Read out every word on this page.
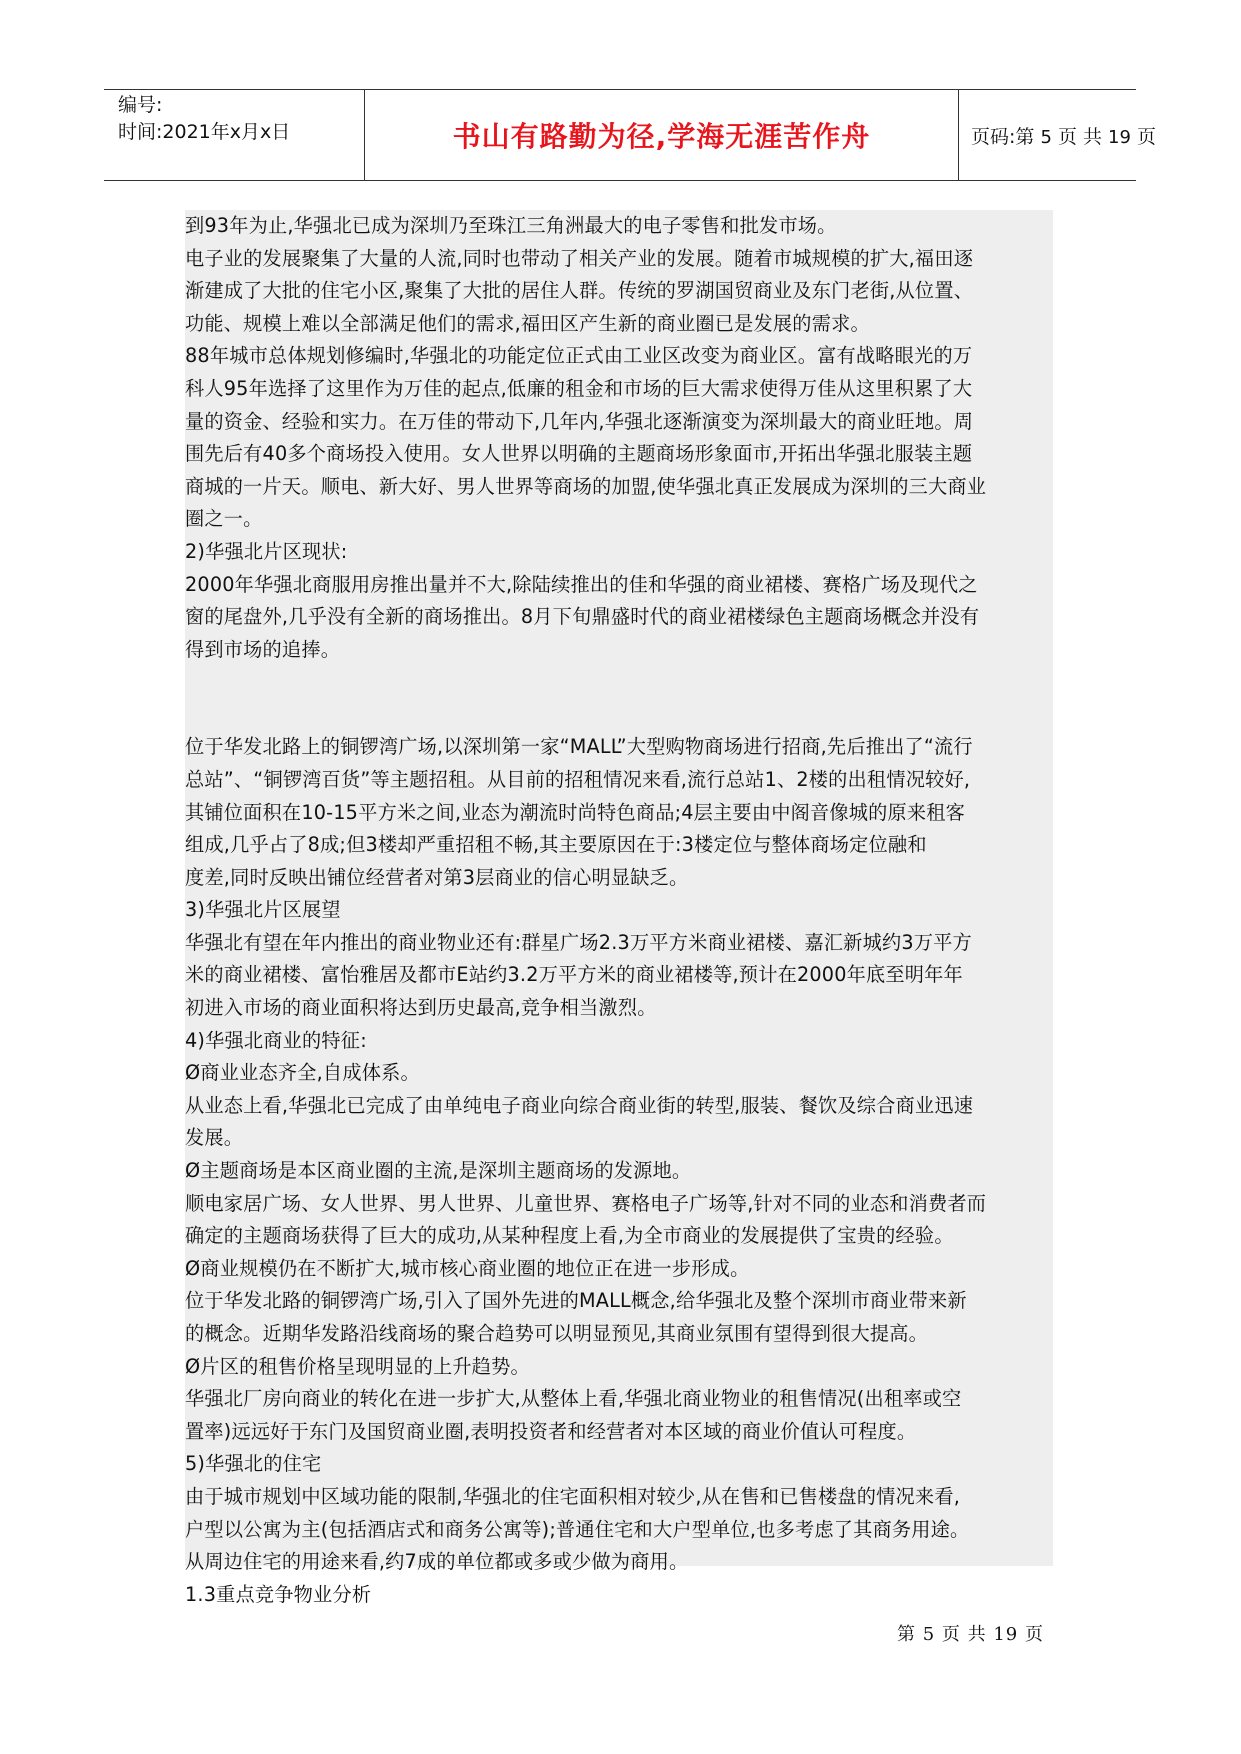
编号:
时间:2021年x月x日	书山有路勤为径,学海无涯苦作舟	页码:第 5 页 共 19 页

到93年为止,华强北已成为深圳乃至珠江三角洲最大的电子零售和批发市场。

电子业的发展聚集了大量的人流,同时也带动了相关产业的发展。随着市城规模的扩大,福田逐

渐建成了大批的住宅小区,聚集了大批的居住人群。传统的罗湖国贸商业及东门老街,从位置、

功能、规模上难以全部满足他们的需求,福田区产生新的商业圈已是发展的需求。

88年城市总体规划修编时,华强北的功能定位正式由工业区改变为商业区。富有战略眼光的万

科人95年选择了这里作为万佳的起点,低廉的租金和市场的巨大需求使得万佳从这里积累了大

量的资金、经验和实力。在万佳的带动下,几年内,华强北逐渐演变为深圳最大的商业旺地。周

围先后有40多个商场投入使用。女人世界以明确的主题商场形象面市,开拓出华强北服装主题

商城的一片天。顺电、新大好、男人世界等商场的加盟,使华强北真正发展成为深圳的三大商业

圈之一。

2)华强北片区现状:

2000年华强北商服用房推出量并不大,除陆续推出的佳和华强的商业裙楼、赛格广场及现代之

窗的尾盘外,几乎没有全新的商场推出。8月下旬鼎盛时代的商业裙楼绿色主题商场概念并没有

得到市场的追捧。

位于华发北路上的铜锣湾广场,以深圳第一家“MALL”大型购物商场进行招商,先后推出了“流行

总站”、“铜锣湾百货”等主题招租。从目前的招租情况来看,流行总站1、2楼的出租情况较好,

其铺位面积在10-15平方米之间,业态为潮流时尚特色商品;4层主要由中阁音像城的原来租客

组成,几乎占了8成;但3楼却严重招租不畅,其主要原因在于:3楼定位与整体商场定位融和

度差,同时反映出铺位经营者对第3层商业的信心明显缺乏。

3)华强北片区展望

华强北有望在年内推出的商业物业还有:群星广场2.3万平方米商业裙楼、嘉汇新城约3万平方

米的商业裙楼、富怡雅居及都市E站约3.2万平方米的商业裙楼等,预计在2000年底至明年年

初进入市场的商业面积将达到历史最高,竞争相当激烈。

4)华强北商业的特征:

Ø商业业态齐全,自成体系。

从业态上看,华强北已完成了由单纯电子商业向综合商业街的转型,服装、餐饮及综合商业迅速

发展。

Ø主题商场是本区商业圈的主流,是深圳主题商场的发源地。

顺电家居广场、女人世界、男人世界、儿童世界、赛格电子广场等,针对不同的业态和消费者而

确定的主题商场获得了巨大的成功,从某种程度上看,为全市商业的发展提供了宝贵的经验。

Ø商业规模仍在不断扩大,城市核心商业圈的地位正在进一步形成。

位于华发北路的铜锣湾广场,引入了国外先进的MALL概念,给华强北及整个深圳市商业带来新

的概念。近期华发路沿线商场的聚合趋势可以明显预见,其商业氛围有望得到很大提高。

Ø片区的租售价格呈现明显的上升趋势。

华强北厂房向商业的转化在进一步扩大,从整体上看,华强北商业物业的租售情况(出租率或空

置率)远远好于东门及国贸商业圈,表明投资者和经营者对本区域的商业价值认可程度。

5)华强北的住宅

由于城市规划中区域功能的限制,华强北的住宅面积相对较少,从在售和已售楼盘的情况来看,

户型以公寓为主(包括酒店式和商务公寓等);普通住宅和大户型单位,也多考虑了其商务用途。

从周边住宅的用途来看,约7成的单位都或多或少做为商用。

1.3重点竞争物业分析

第 5 页 共 19 页
